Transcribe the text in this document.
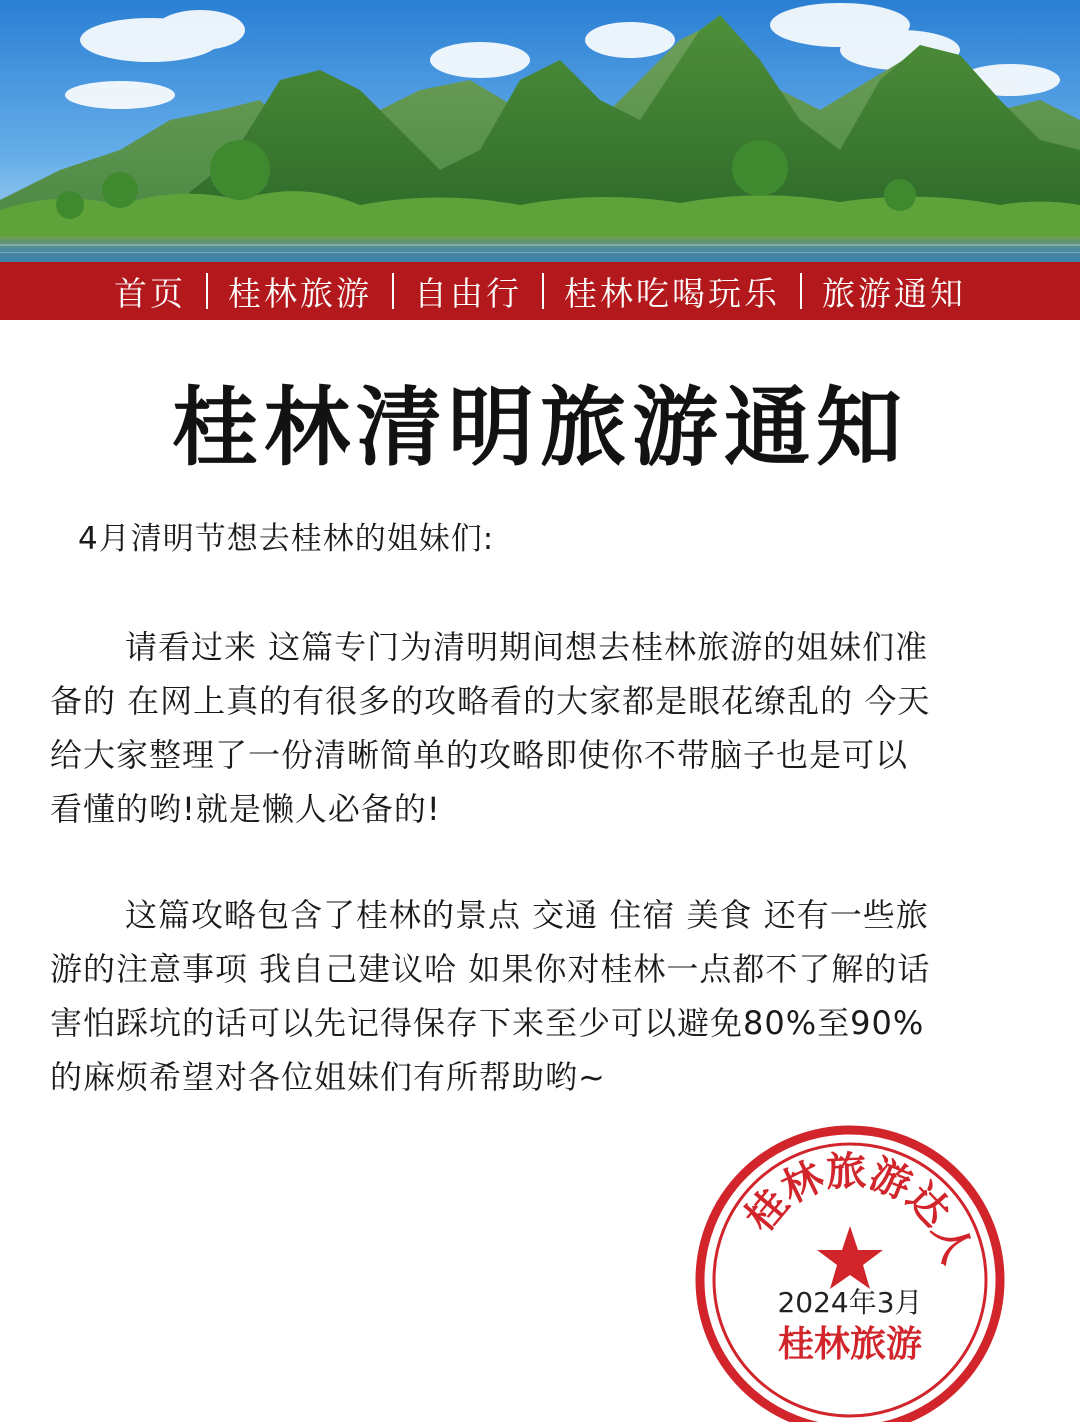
首页 桂林旅游 自由行 桂林吃喝玩乐 旅游通知
桂林清明旅游通知
4月清明节想去桂林的姐妹们:

请看过来 这篇专门为清明期间想去桂林旅游的姐妹们准
备的 在网上真的有很多的攻略看的大家都是眼花缭乱的 今天
给大家整理了一份清晰简单的攻略即使你不带脑子也是可以
看懂的哟!就是懒人必备的!

这篇攻略包含了桂林的景点 交通 住宿 美食 还有一些旅
游的注意事项 我自己建议哈 如果你对桂林一点都不了解的话
害怕踩坑的话可以先记得保存下来至少可以避免80%至90%
的麻烦希望对各位姐妹们有所帮助哟~

桂
林
旅
游
达
人
2024年3月
桂林旅游
